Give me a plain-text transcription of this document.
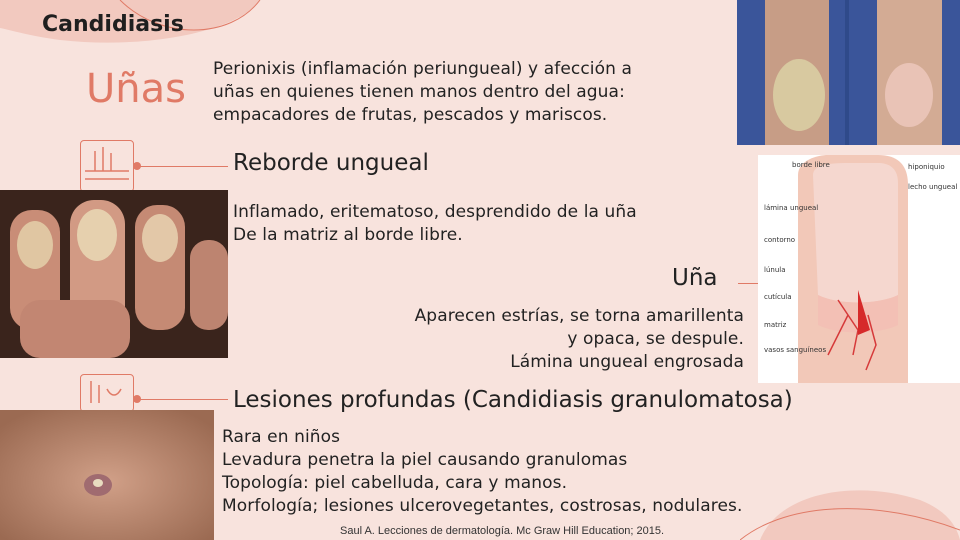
Candidiasis
Uñas Perionixis (inflamación periungueal) y afección a
uñas en quienes tienen manos dentro del agua:
empacadores de frutas, pescados y mariscos.
Reborde ungueal
Inflamado, eritematoso, desprendido de la uña
De la matriz al borde libre.
borde libre	hiponiquio
lecho ungueal
lámina ungueal
contorno
lúnula
cutícula
matriz
vasos sanguíneos
Uña
Aparecen estrías, se torna amarillenta
y opaca, se despule.
Lámina ungueal engrosada
Lesiones profundas (Candidiasis granulomatosa)
Rara en niños
Levadura penetra la piel causando granulomas
Topología: piel cabelluda, cara y manos.
Morfología; lesiones ulcerovegetantes, costrosas, nodulares.
Saul A. Lecciones de dermatología. Mc Graw Hill Education; 2015.
